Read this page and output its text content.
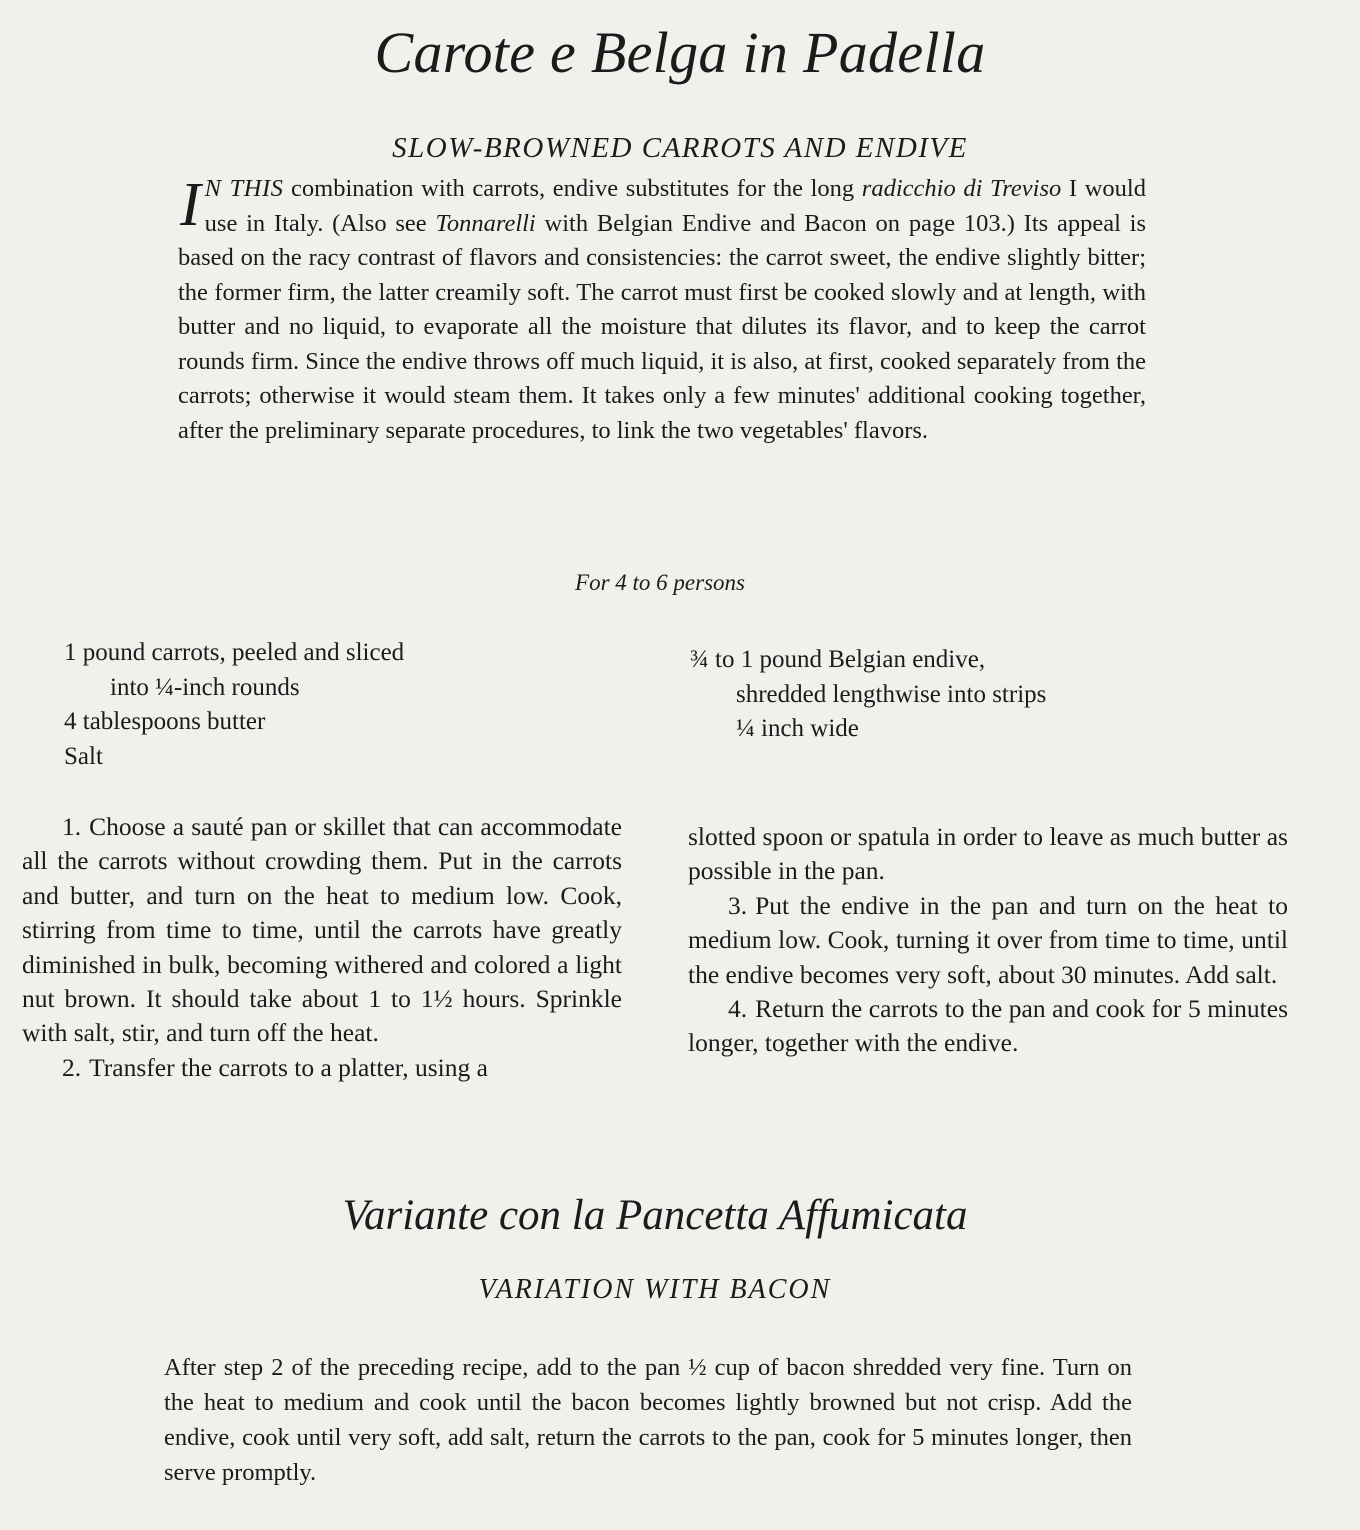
Carote e Belga in Padella
SLOW-BROWNED CARROTS AND ENDIVE
I N THIS combination with carrots, endive substitutes for the long radicchio di Treviso I would use in Italy. (Also see Tonnarelli with Belgian Endive and Bacon on page 103.) Its appeal is based on the racy contrast of flavors and consistencies: the carrot sweet, the endive slightly bitter; the former firm, the latter creamily soft. The carrot must first be cooked slowly and at length, with butter and no liquid, to evaporate all the moisture that dilutes its flavor, and to keep the carrot rounds firm. Since the endive throws off much liquid, it is also, at first, cooked separately from the carrots; otherwise it would steam them. It takes only a few minutes' additional cooking together, after the preliminary separate procedures, to link the two vegetables' flavors.
For 4 to 6 persons
1 pound carrots, peeled and sliced
into ¼-inch rounds
4 tablespoons butter
Salt
¾ to 1 pound Belgian endive,
shredded lengthwise into strips
¼ inch wide

1. Choose a sauté pan or skillet that can accommodate all the carrots without crowding them. Put in the carrots and butter, and turn on the heat to medium low. Cook, stirring from time to time, until the carrots have greatly diminished in bulk, becoming withered and colored a light nut brown. It should take about 1 to 1½ hours. Sprinkle with salt, stir, and turn off the heat.

2. Transfer the carrots to a platter, using a

slotted spoon or spatula in order to leave as much butter as possible in the pan.

3. Put the endive in the pan and turn on the heat to medium low. Cook, turning it over from time to time, until the endive becomes very soft, about 30 minutes. Add salt.

4. Return the carrots to the pan and cook for 5 minutes longer, together with the endive.

Variante con la Pancetta Affumicata
VARIATION WITH BACON

After step 2 of the preceding recipe, add to the pan ½ cup of bacon shredded very fine. Turn on the heat to medium and cook until the bacon becomes lightly browned but not crisp. Add the endive, cook until very soft, add salt, return the carrots to the pan, cook for 5 minutes longer, then serve promptly.
